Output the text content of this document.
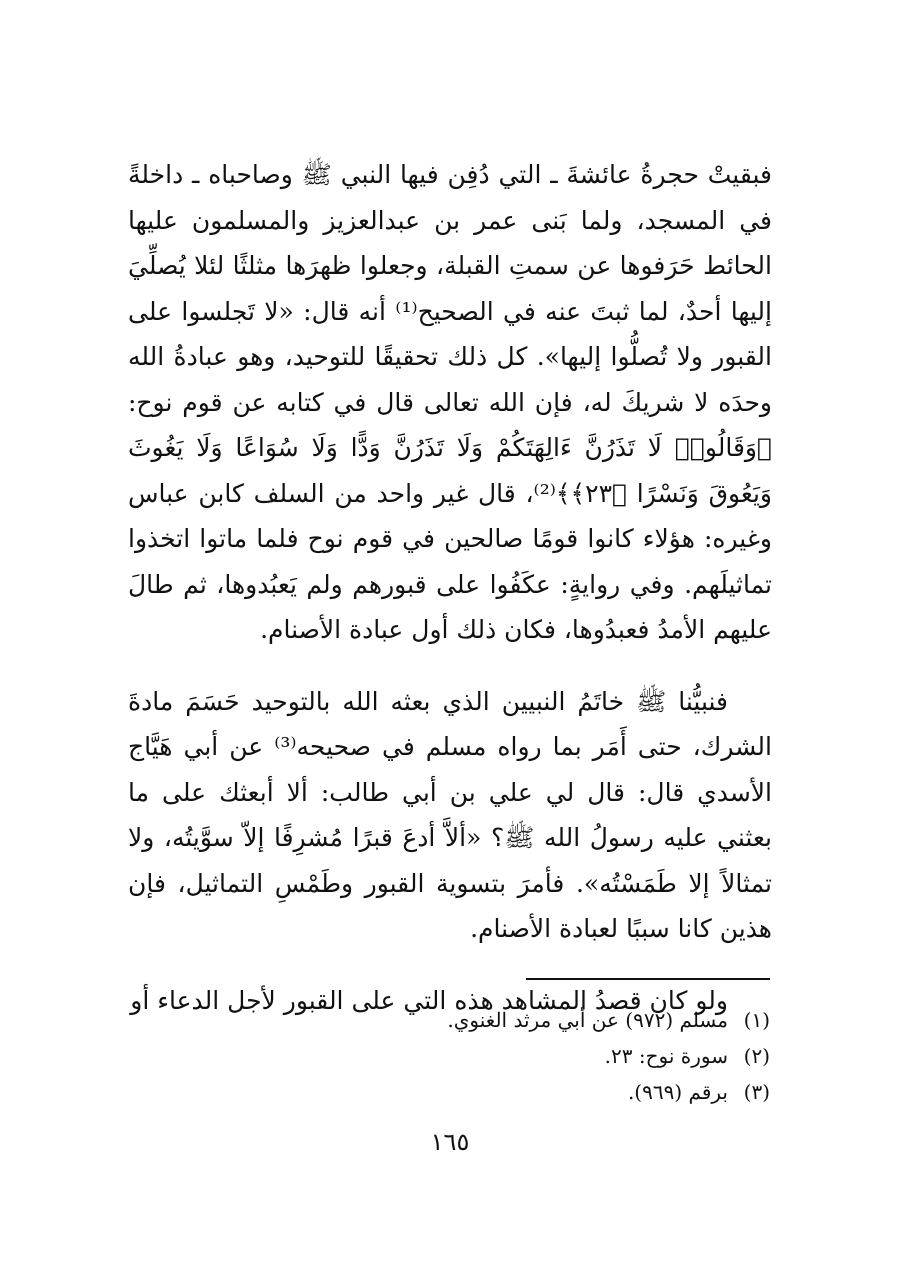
فبقيتْ حجرةُ عائشةَ ـ التي دُفِن فيها النبي ﷺ وصاحباه ـ داخلةً في المسجد، ولما بَنى عمر بن عبدالعزيز والمسلمون عليها الحائط حَرَفوها عن سمتِ القبلة، وجعلوا ظهرَها مثلثًا لئلا يُصلِّيَ إليها أحدٌ، لما ثبتَ عنه في الصحيح⁽¹⁾ أنه قال: «لا تَجلسوا على القبور ولا تُصلُّوا إليها». كل ذلك تحقيقًا للتوحيد، وهو عبادةُ الله وحدَه لا شريكَ له، فإن الله تعالى قال في كتابه عن قوم نوح: ﴿وَقَالُوا۟ لَا تَذَرُنَّ ءَالِهَتَكُمْ وَلَا تَذَرُنَّ وَدًّا وَلَا سُوَاعًا وَلَا يَغُوثَ وَيَعُوقَ وَنَسْرًا ﴿٢٣﴾﴾⁽²⁾، قال غير واحد من السلف كابن عباس وغيره: هؤلاء كانوا قومًا صالحين في قوم نوح فلما ماتوا اتخذوا تماثيلَهم. وفي روايةٍ: عكَفُوا على قبورهم ولم يَعبُدوها، ثم طالَ عليهم الأمدُ فعبدُوها، فكان ذلك أول عبادة الأصنام.

فنبيُّنا ﷺ خاتَمُ النبيين الذي بعثه الله بالتوحيد حَسَمَ مادةَ الشرك، حتى أَمَر بما رواه مسلم في صحيحه⁽³⁾ عن أبي هَيَّاج الأسدي قال: قال لي علي بن أبي طالب: ألا أبعثك على ما بعثني عليه رسولُ الله ﷺ؟ «ألاَّ أدعَ قبرًا مُشرِفًا إلاّ سوَّيتُه، ولا تمثالاً إلا طَمَسْتُه». فأمرَ بتسوية القبور وطَمْسِ التماثيل، فإن هذين كانا سببًا لعبادة الأصنام.

ولو كان قصدُ المشاهد هذه التي على القبور لأجل الدعاء أو

(١)مسلم (٩٧٢) عن أبي مرثد الغنوي.
(٢)سورة نوح: ٢٣.
(٣)برقم (٩٦٩).
١٦٥
